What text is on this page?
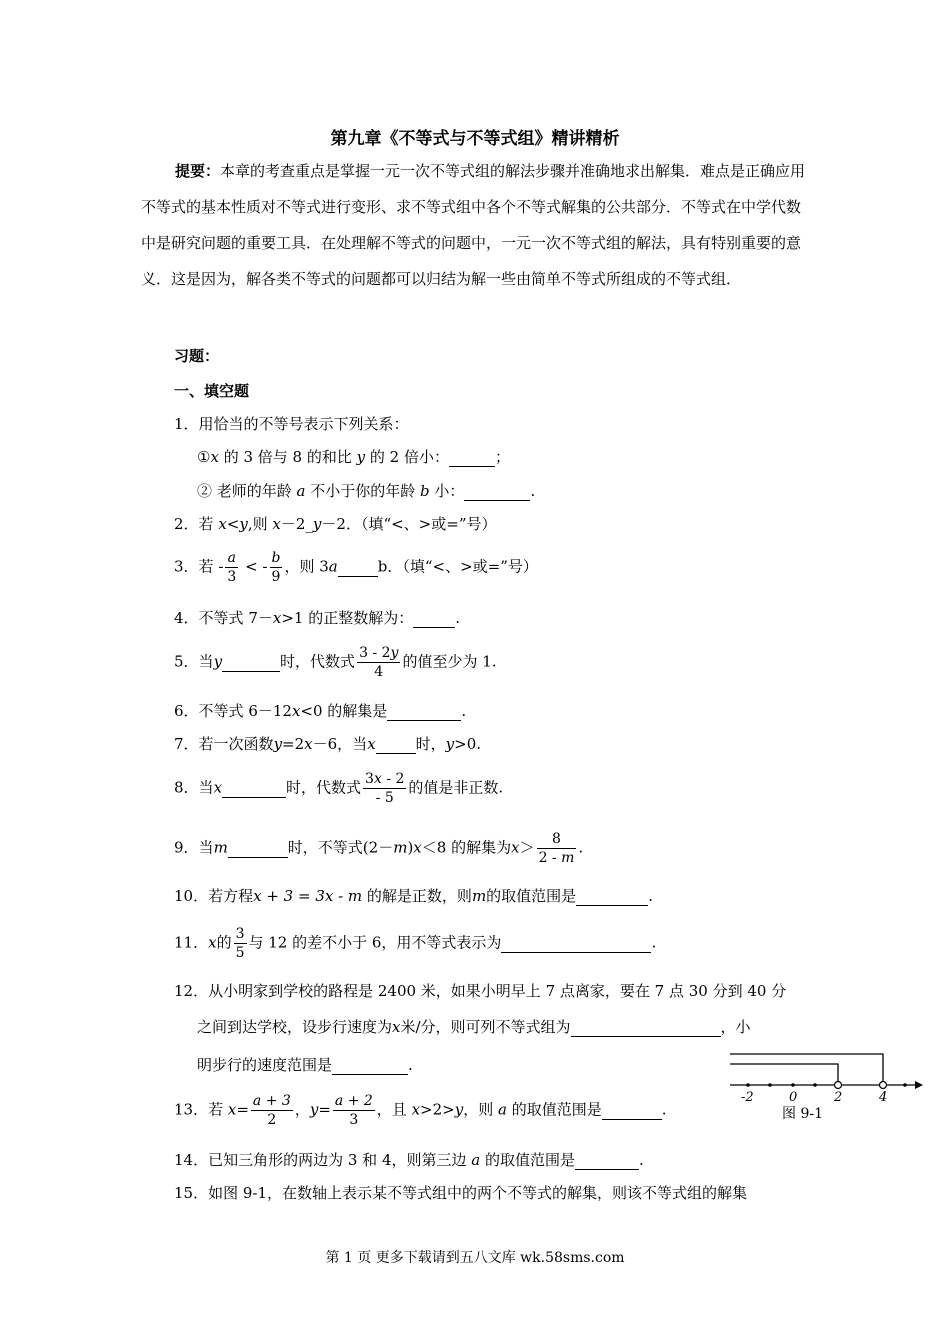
第九章《不等式与不等式组》精讲精析
提要：本章的考查重点是掌握一元一次不等式组的解法步骤并准确地求出解集．难点是正确应用不等式的基本性质对不等式进行变形、求不等式组中各个不等式解集的公共部分．不等式在中学代数中是研究问题的重要工具．在处理解不等式的问题中，一元一次不等式组的解法，具有特别重要的意义．这是因为，解各类不等式的问题都可以归结为解一些由简单不等式所组成的不等式组．
习题：
一、填空题
1．用恰当的不等号表示下列关系：
①x 的 3 倍与 8 的和比 y 的 2 倍小：	；
② 老师的年龄 a 不小于你的年龄 b 小：	.
2．若 x<y,则 x－2_y－2．（填“<、>或=”号）
3．若 - $\frac{a}{3}$ < - $\frac{b}{9}$ ，则 3a	b．（填“<、>或=”号）
4．不等式 7－x>1 的正整数解为：	.
5．当y	时，代数式 $\frac{3 - 2y}{4}$ 的值至少为 1.
6．不等式 6－12x<0 的解集是	.
7．若一次函数y=2x－6，当x	时，y>0.
8．当x	时，代数式 $\frac{3x - 2}{- 5}$ 的值是非正数.
9．当m	时，不等式(2－m)x＜8 的解集为$x> \frac{8}{2 - m}$ .
10．若方程x + 3 = 3x - m 的解是正数，则m的取值范围是	.
11．x的 $\frac{3}{5}$ 与 12 的差不小于 6，用不等式表示为	.
12．从小明家到学校的路程是 2400 米，如果小明早上 7 点离家，要在 7 点 30 分到 40 分
之间到达学校，设步行速度为x米/分，则可列不等式组为	，小
明步行的速度范围是	.
13．若 $x= \frac{a + 3}{2}$ ，$y= \frac{a + 2}{3}$ ，且 x>2>y，则 a 的取值范围是	.
14．已知三角形的两边为 3 和 4，则第三边 a 的取值范围是	.
15．如图 9-1，在数轴上表示某不等式组中的两个不等式的解集，则该不等式组的解集
-2	0	2	4
图 9-1
第 1 页 更多下载请到五八文库 wk.58sms.com
